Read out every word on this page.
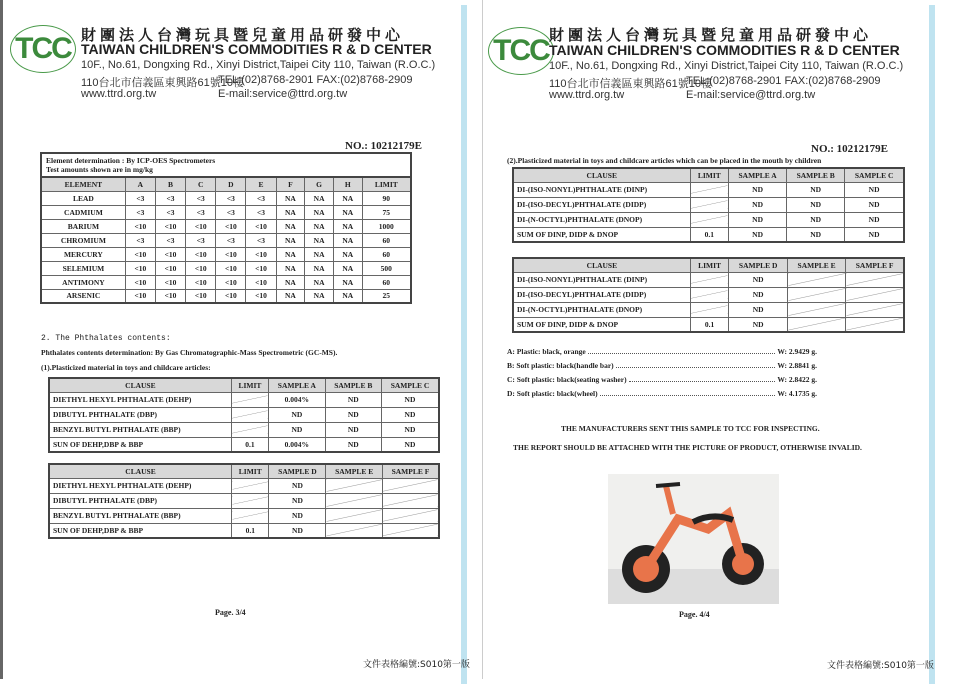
TCC 財團法人台灣玩具暨兒童用品研發中心
TAIWAN CHILDREN'S COMMODITIES R & D CENTER
10F., No.61, Dongxing Rd., Xinyi District,Taipei City 110, Taiwan (R.O.C.)
110台北市信義區東興路61號10樓
TEL:(02)8768-2901 FAX:(02)8768-2909
www.ttrd.org.tw	E-mail:service@ttrd.org.tw
NO.: 10212179E
Element determination : By ICP-OES Spectrometers
Test amounts shown are in mg/kg
ELEMENT	A	B	C	D	E	F	G	H	LIMIT
LEAD	<3	<3	<3	<3	<3	NA	NA	NA	90
CADMIUM	<3	<3	<3	<3	<3	NA	NA	NA	75
BARIUM	<10	<10	<10	<10	<10	NA	NA	NA	1000
CHROMIUM	<3	<3	<3	<3	<3	NA	NA	NA	60
MERCURY	<10	<10	<10	<10	<10	NA	NA	NA	60
SELEMIUM	<10	<10	<10	<10	<10	NA	NA	NA	500
ANTIMONY	<10	<10	<10	<10	<10	NA	NA	NA	60
ARSENIC	<10	<10	<10	<10	<10	NA	NA	NA	25
2. The Phthalates contents:
Phthalates contents determination: By Gas Chromatographic-Mass Spectrometric (GC-MS).
(1).Plasticized material in toys and childcare articles:
CLAUSE	LIMIT	SAMPLE A	SAMPLE B	SAMPLE C
DIETHYL HEXYL PHTHALATE (DEHP)		0.004%	ND	ND
DIBUTYL PHTHALATE (DBP)		ND	ND	ND
BENZYL BUTYL PHTHALATE (BBP)		ND	ND	ND
SUN OF DEHP,DBP & BBP	0.1	0.004%	ND	ND
CLAUSE	LIMIT	SAMPLE D	SAMPLE E	SAMPLE F
DIETHYL HEXYL PHTHALATE (DEHP)		ND		
DIBUTYL PHTHALATE (DBP)		ND		
BENZYL BUTYL PHTHALATE (BBP)		ND		
SUN OF DEHP,DBP & BBP	0.1	ND		
Page. 3/4
文件表格編號:S010第一版
TCC 財團法人台灣玩具暨兒童用品研發中心
TAIWAN CHILDREN'S COMMODITIES R & D CENTER
10F., No.61, Dongxing Rd., Xinyi District,Taipei City 110, Taiwan (R.O.C.)
110台北市信義區東興路61號10樓
TEL:(02)8768-2901 FAX:(02)8768-2909
www.ttrd.org.tw	E-mail:service@ttrd.org.tw
NO.: 10212179E
(2).Plasticized material in toys and childcare articles which can be placed in the mouth by children
CLAUSE	LIMIT	SAMPLE A	SAMPLE B	SAMPLE C
DI-(ISO-NONYL)PHTHALATE (DINP)		ND	ND	ND
DI-(ISO-DECYL)PHTHALATE (DIDP)		ND	ND	ND
DI-(N-OCTYL)PHTHALATE (DNOP)		ND	ND	ND
SUM OF DINP, DIDP & DNOP	0.1	ND	ND	ND
CLAUSE	LIMIT	SAMPLE D	SAMPLE E	SAMPLE F
DI-(ISO-NONYL)PHTHALATE (DINP)		ND		
DI-(ISO-DECYL)PHTHALATE (DIDP)		ND		
DI-(N-OCTYL)PHTHALATE (DNOP)		ND		
SUM OF DINP, DIDP & DNOP	0.1	ND		
A: Plastic: black, orange	W: 2.9429 g.
B: Soft plastic: black(handle bar)	W: 2.8841 g.
C: Soft plastic: black(seating washer)	W: 2.8422 g.
D: Soft plastic: black(wheel)	W: 4.1735 g.
THE MANUFACTURERS SENT THIS SAMPLE TO TCC FOR INSPECTING.
THE REPORT SHOULD BE ATTACHED WITH THE PICTURE OF PRODUCT, OTHERWISE INVALID.
Page. 4/4
文件表格編號:S010第一版
